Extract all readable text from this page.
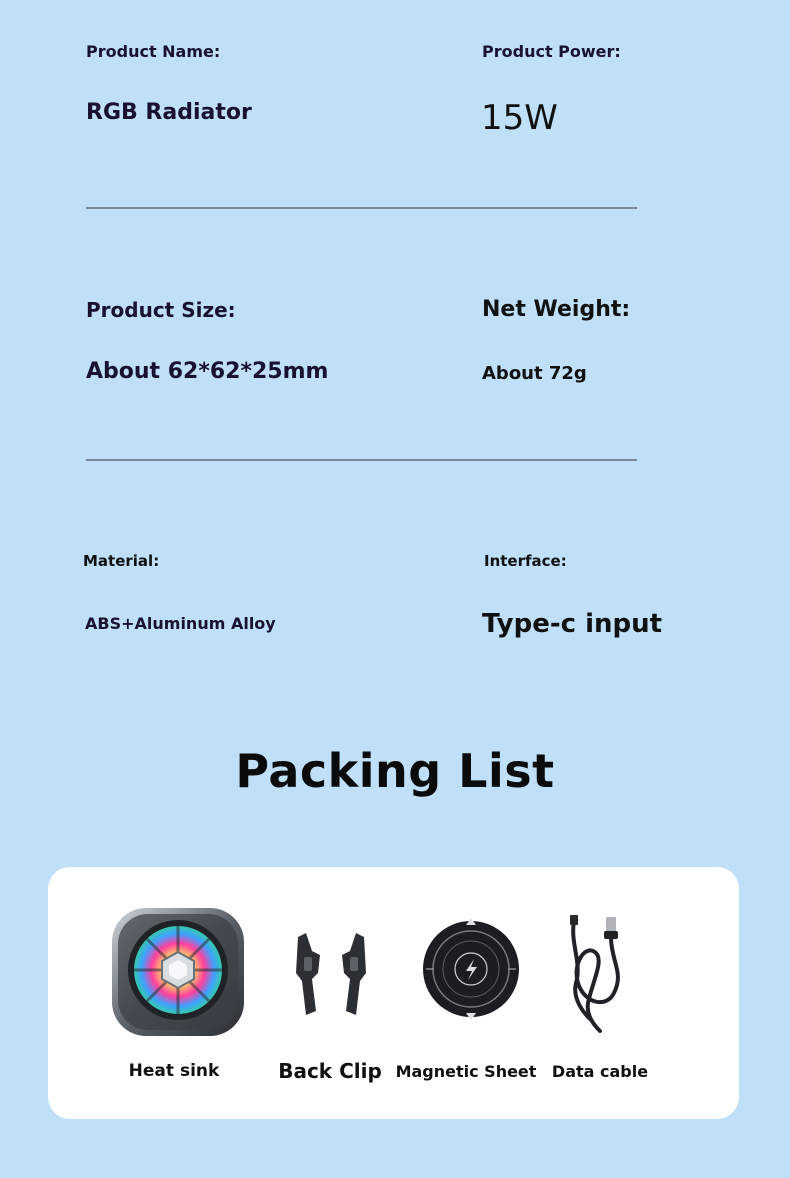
Product Name:
RGB Radiator
Product Power:
15W
Product Size:
About 62*62*25mm
Net Weight:
About 72g
Material:
ABS+Aluminum Alloy
Interface:
Type-c input
Packing List
Heat sink	Back Clip Magnetic Sheet Data cable
